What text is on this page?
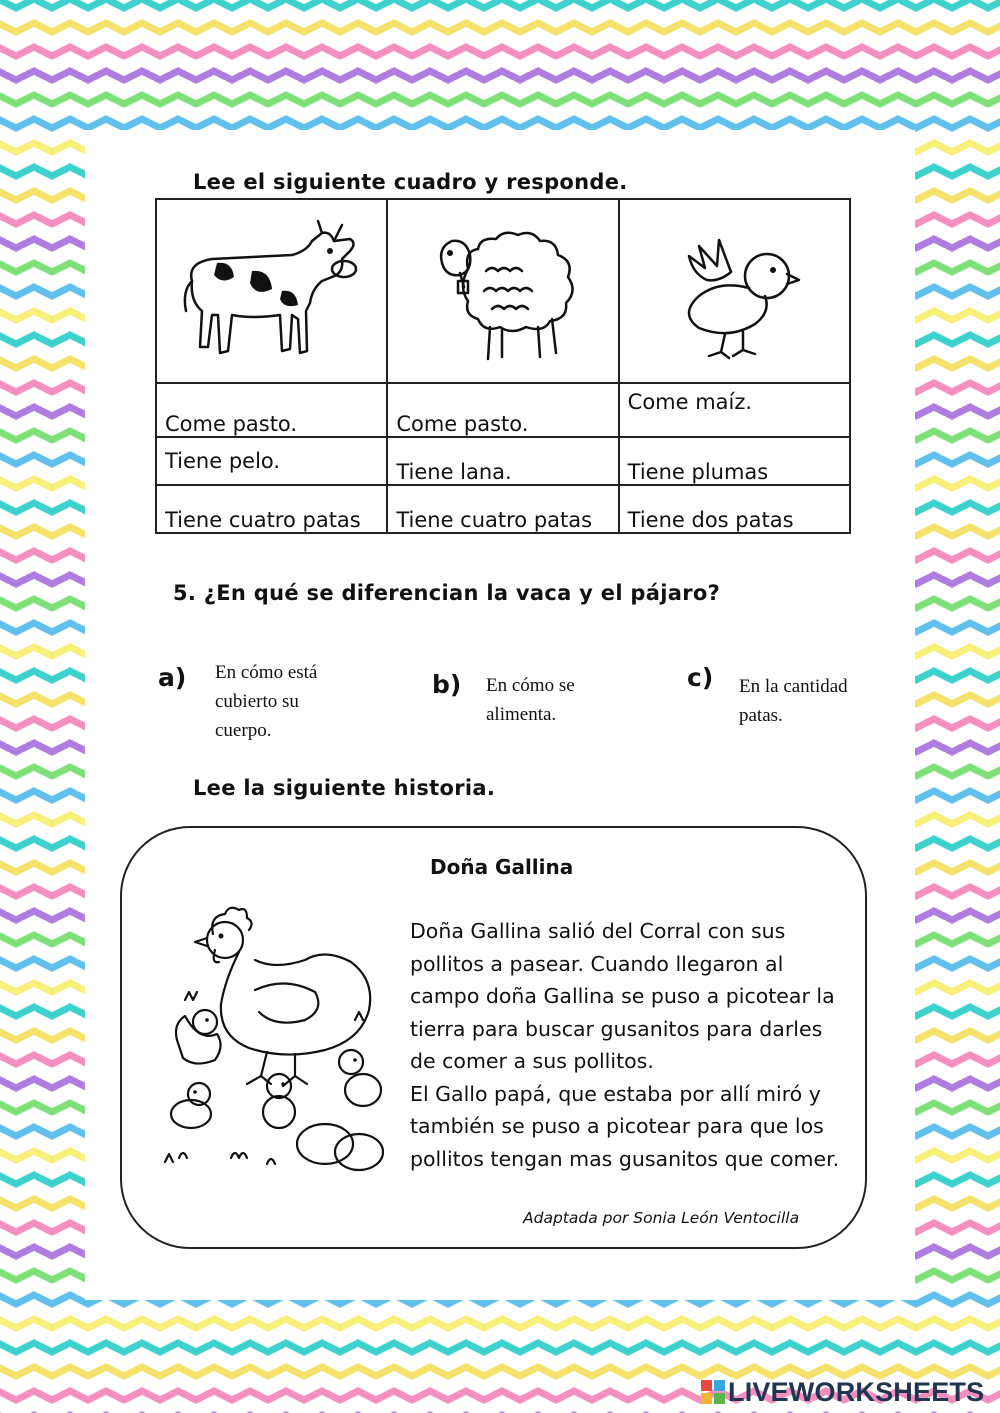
Lee el siguiente cuadro y responde.

Come pasto.	Come pasto.	Come maíz.
Tiene pelo.	Tiene lana.	Tiene plumas
Tiene cuatro patas	Tiene cuatro patas	Tiene dos patas
5. ¿En qué se diferencian la vaca y el pájaro?
a) En cómo está
cubierto su
cuerpo.
b) En cómo se
alimenta.
c) En la cantidad
patas.
Lee la siguiente historia.
Doña Gallina

Doña Gallina salió del Corral con sus

pollitos a pasear. Cuando llegaron al

campo doña Gallina se puso a picotear la

tierra para buscar gusanitos para darles

de comer a sus pollitos.

El Gallo papá, que estaba por allí miró y

también se puso a picotear para que los

pollitos tengan mas gusanitos que comer.

Adaptada por Sonia León Ventocilla
LIVEWORKSHEETS
